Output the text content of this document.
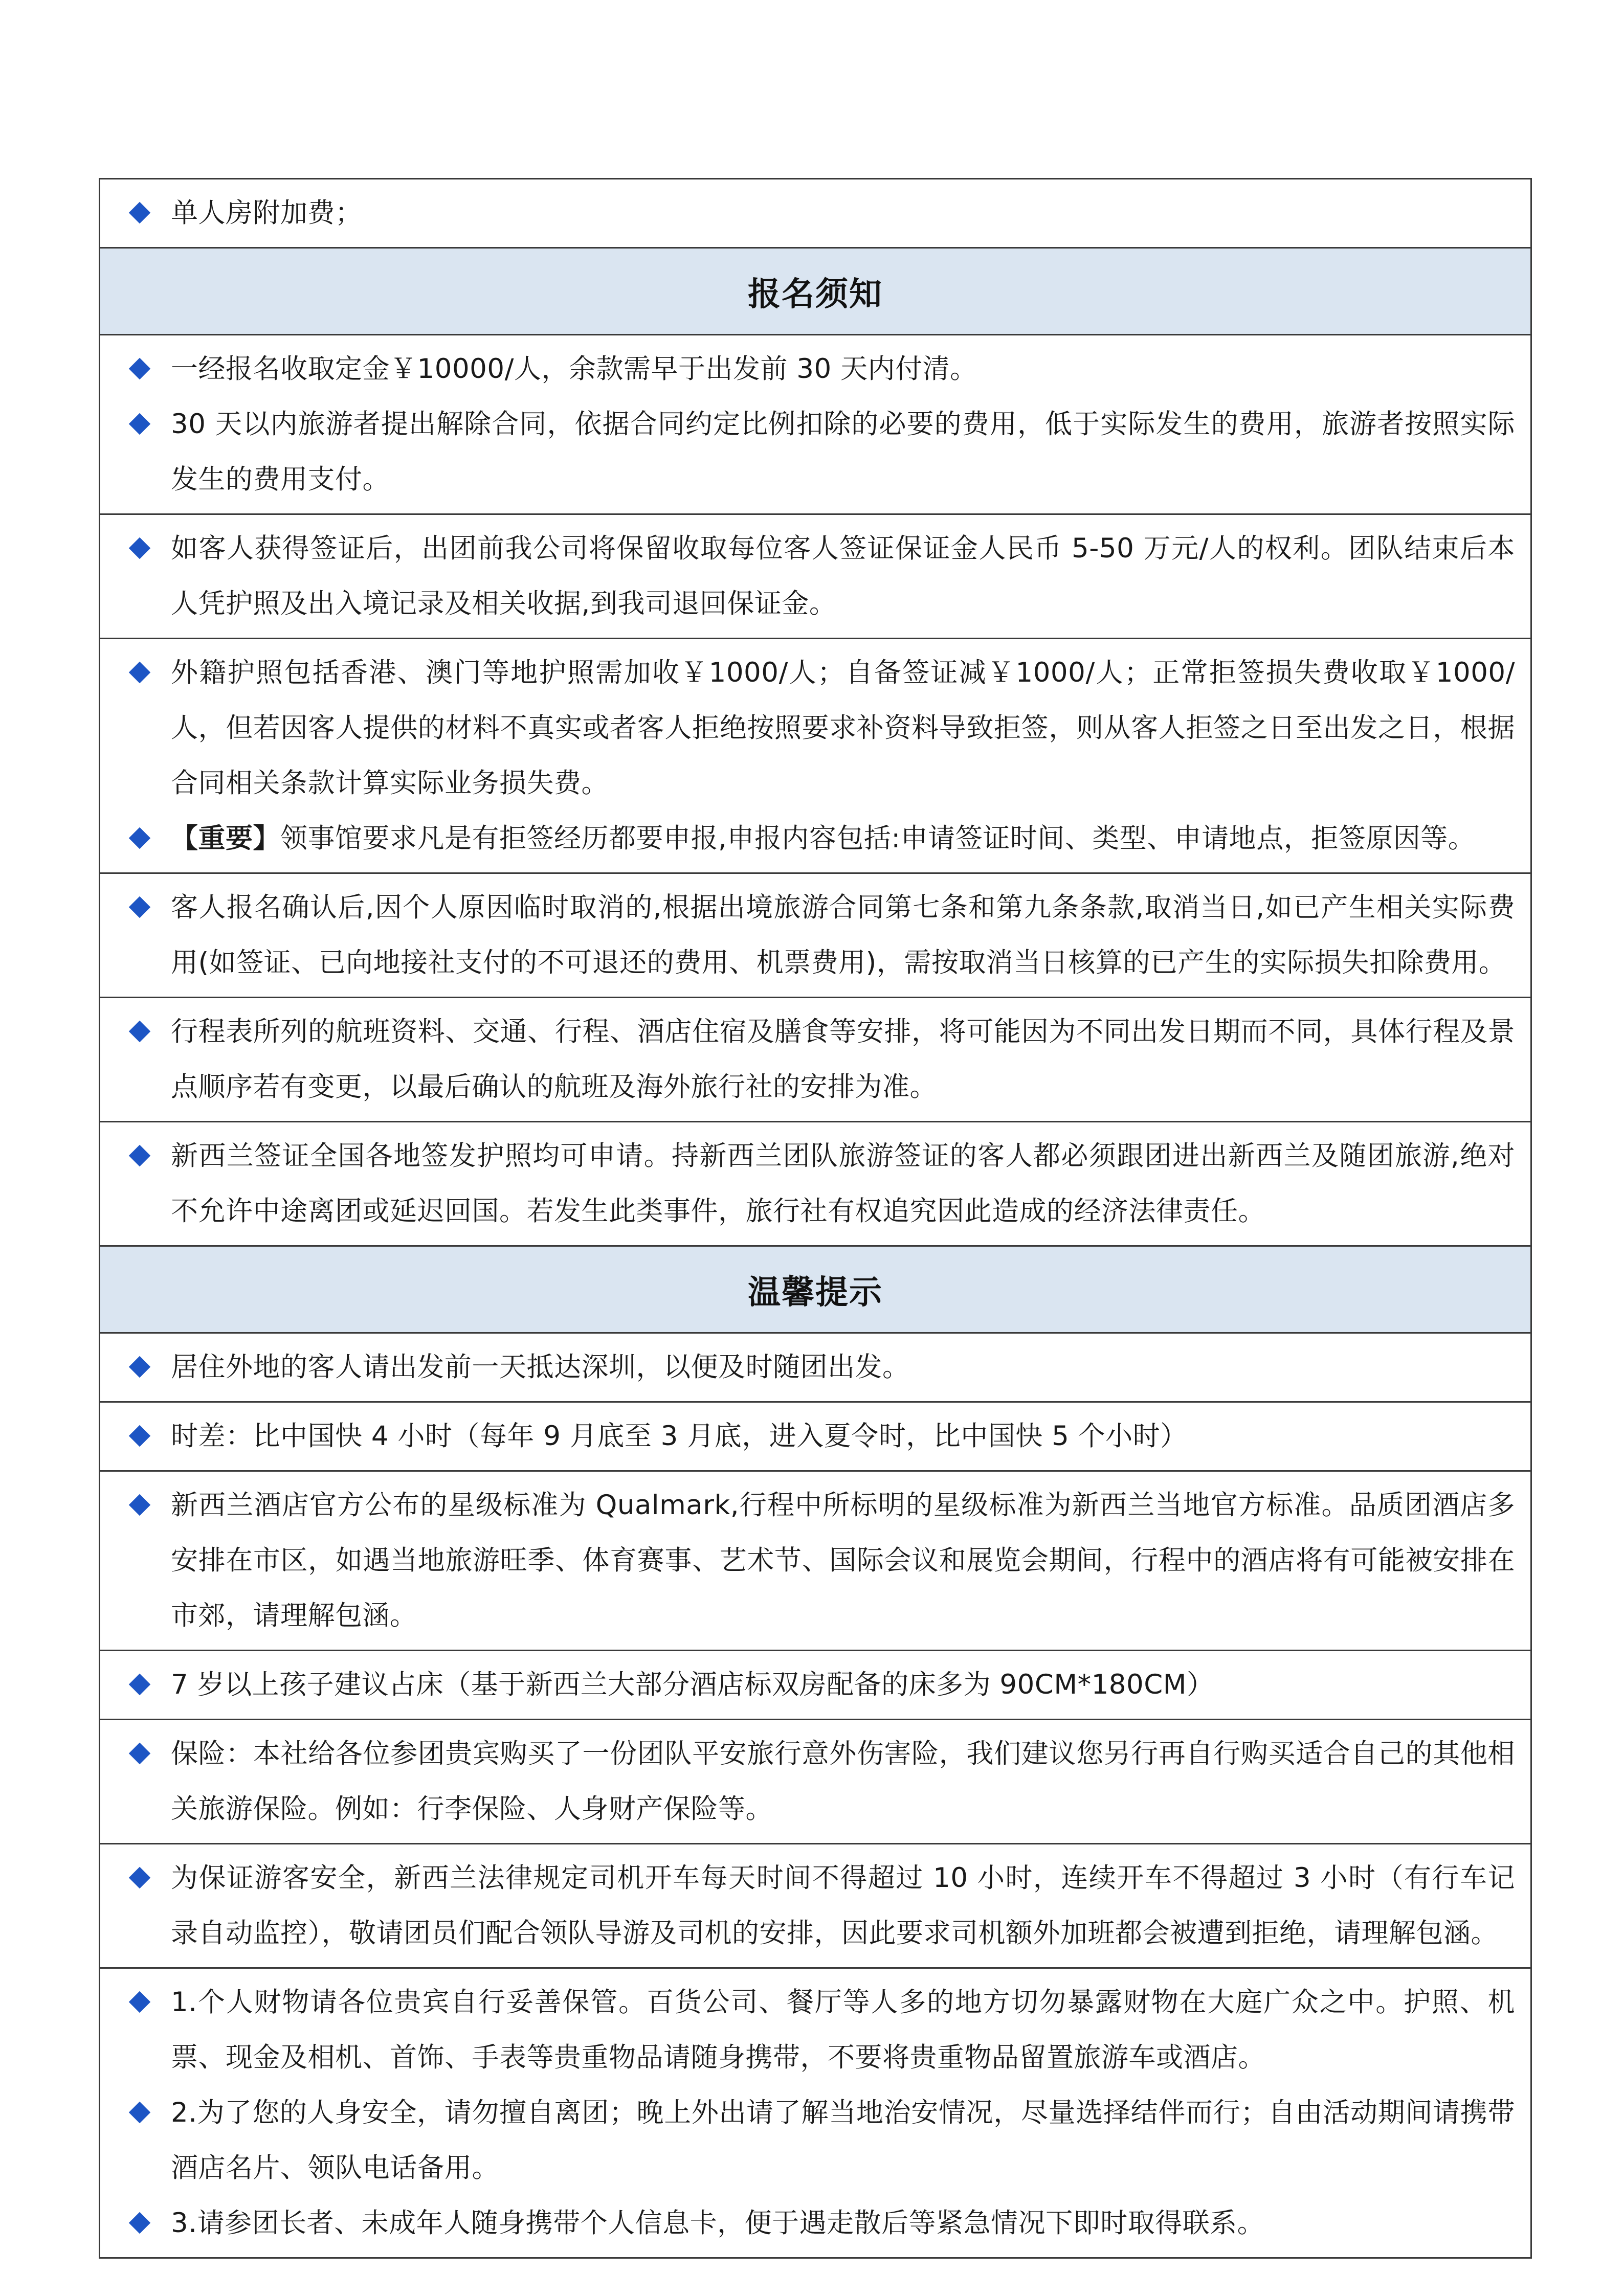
单人房附加费；
报名须知
一经报名收取定金￥10000/人，余款需早于出发前 30 天内付清。
30 天以内旅游者提出解除合同，依据合同约定比例扣除的必要的费用，低于实际发生的费用，旅游者按照实际发生的费用支付。
如客人获得签证后，出团前我公司将保留收取每位客人签证保证金人民币 5-50 万元/人的权利。团队结束后本人凭护照及出入境记录及相关收据,到我司退回保证金。
外籍护照包括香港、澳门等地护照需加收￥1000/人；自备签证减￥1000/人；正常拒签损失费收取￥1000/人，但若因客人提供的材料不真实或者客人拒绝按照要求补资料导致拒签，则从客人拒签之日至出发之日，根据合同相关条款计算实际业务损失费。
【重要】领事馆要求凡是有拒签经历都要申报,申报内容包括:申请签证时间、类型、申请地点，拒签原因等。
客人报名确认后,因个人原因临时取消的,根据出境旅游合同第七条和第九条条款,取消当日,如已产生相关实际费用(如签证、已向地接社支付的不可退还的费用、机票费用)，需按取消当日核算的已产生的实际损失扣除费用。
行程表所列的航班资料、交通、行程、酒店住宿及膳食等安排，将可能因为不同出发日期而不同，具体行程及景点顺序若有变更，以最后确认的航班及海外旅行社的安排为准。
新西兰签证全国各地签发护照均可申请。持新西兰团队旅游签证的客人都必须跟团进出新西兰及随团旅游,绝对不允许中途离团或延迟回国。若发生此类事件，旅行社有权追究因此造成的经济法律责任。
温馨提示
居住外地的客人请出发前一天抵达深圳，以便及时随团出发。
时差：比中国快 4 小时（每年 9 月底至 3 月底，进入夏令时，比中国快 5 个小时）
新西兰酒店官方公布的星级标准为 Qualmark,行程中所标明的星级标准为新西兰当地官方标准。品质团酒店多安排在市区，如遇当地旅游旺季、体育赛事、艺术节、国际会议和展览会期间，行程中的酒店将有可能被安排在市郊，请理解包涵。
7 岁以上孩子建议占床（基于新西兰大部分酒店标双房配备的床多为 90CM*180CM）
保险：本社给各位参团贵宾购买了一份团队平安旅行意外伤害险，我们建议您另行再自行购买适合自己的其他相关旅游保险。例如：行李保险、人身财产保险等。
为保证游客安全，新西兰法律规定司机开车每天时间不得超过 10 小时，连续开车不得超过 3 小时（有行车记录自动监控），敬请团员们配合领队导游及司机的安排，因此要求司机额外加班都会被遭到拒绝，请理解包涵。
1.个人财物请各位贵宾自行妥善保管。百货公司、餐厅等人多的地方切勿暴露财物在大庭广众之中。护照、机票、现金及相机、首饰、手表等贵重物品请随身携带，不要将贵重物品留置旅游车或酒店。
2.为了您的人身安全，请勿擅自离团；晚上外出请了解当地治安情况，尽量选择结伴而行；自由活动期间请携带酒店名片、领队电话备用。
3.请参团长者、未成年人随身携带个人信息卡，便于遇走散后等紧急情况下即时取得联系。
